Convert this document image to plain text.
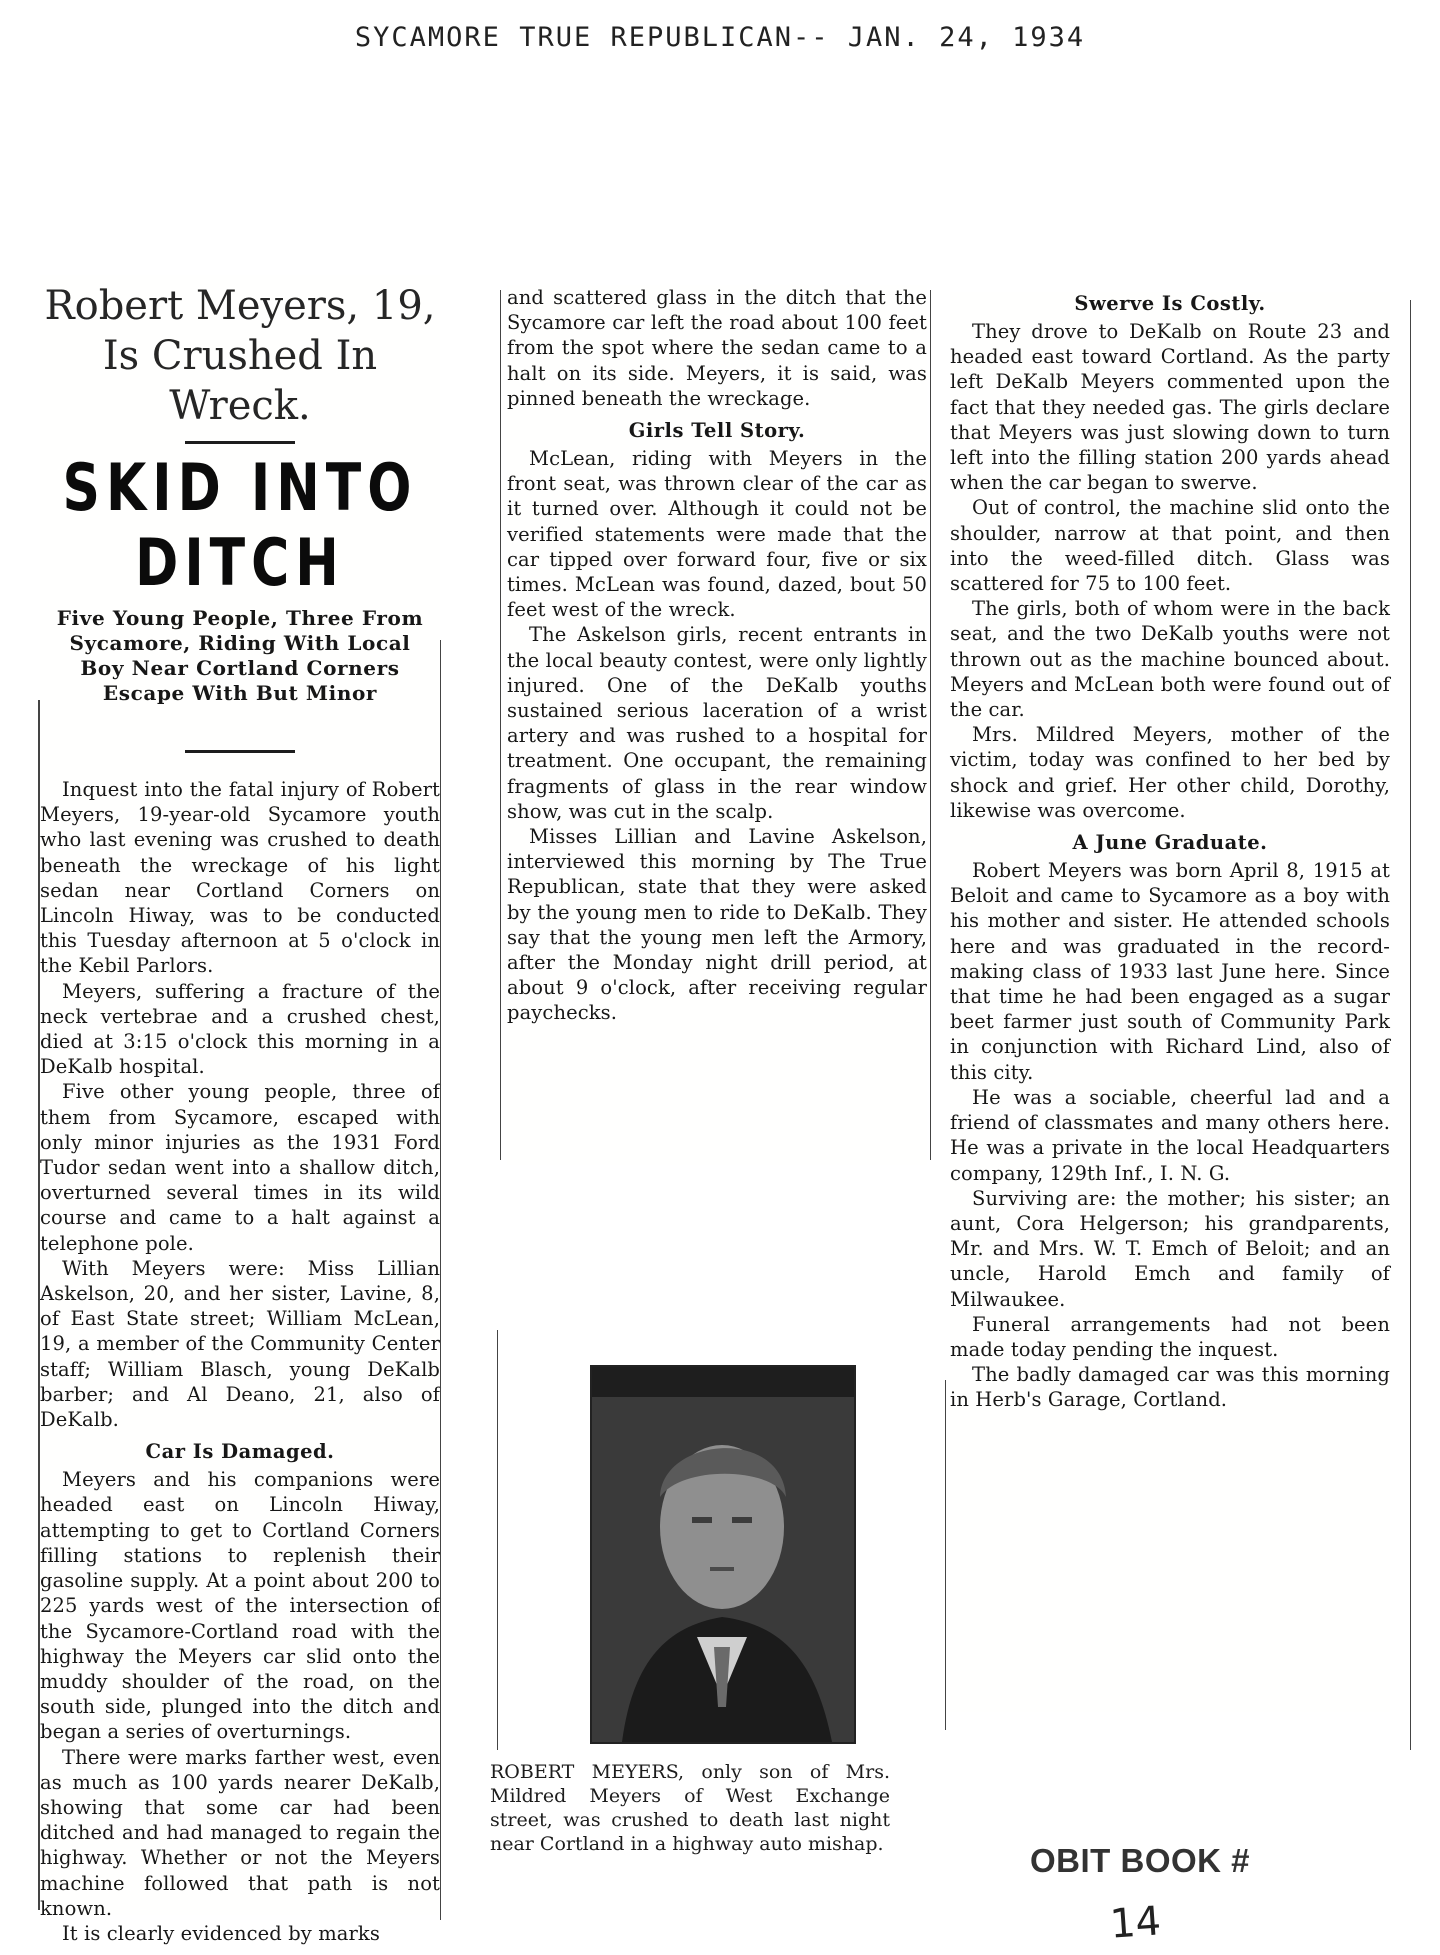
SYCAMORE TRUE REPUBLICAN-- JAN. 24, 1934
Robert Meyers, 19, Is Crushed In Wreck.
SKID INTO DITCH
Five Young People, Three From Sycamore, Riding With Local Boy Near Cortland Corners Escape With But Minor

Inquest into the fatal injury of Robert Meyers, 19-year-old Sycamore youth who last evening was crushed to death beneath the wreckage of his light sedan near Cortland Corners on Lincoln Hiway, was to be conducted this Tuesday afternoon at 5 o'clock in the Kebil Parlors.

Meyers, suffering a fracture of the neck vertebrae and a crushed chest, died at 3:15 o'clock this morning in a DeKalb hospital.

Five other young people, three of them from Sycamore, escaped with only minor injuries as the 1931 Ford Tudor sedan went into a shallow ditch, overturned several times in its wild course and came to a halt against a telephone pole.

With Meyers were: Miss Lillian Askelson, 20, and her sister, Lavine, 8, of East State street; William McLean, 19, a member of the Community Center staff; William Blasch, young DeKalb barber; and Al Deano, 21, also of DeKalb.

Car Is Damaged.

Meyers and his companions were headed east on Lincoln Hiway, attempting to get to Cortland Corners filling stations to replenish their gasoline supply. At a point about 200 to 225 yards west of the intersection of the Sycamore-Cortland road with the highway the Meyers car slid onto the muddy shoulder of the road, on the south side, plunged into the ditch and began a series of overturnings.

There were marks farther west, even as much as 100 yards nearer DeKalb, showing that some car had been ditched and had managed to regain the highway. Whether or not the Meyers machine followed that path is not known.

It is clearly evidenced by marks

and scattered glass in the ditch that the Sycamore car left the road about 100 feet from the spot where the sedan came to a halt on its side. Meyers, it is said, was pinned beneath the wreckage.

Girls Tell Story.

McLean, riding with Meyers in the front seat, was thrown clear of the car as it turned over. Although it could not be verified statements were made that the car tipped over forward four, five or six times. McLean was found, dazed, bout 50 feet west of the wreck.

The Askelson girls, recent entrants in the local beauty contest, were only lightly injured. One of the DeKalb youths sustained serious laceration of a wrist artery and was rushed to a hospital for treatment. One occupant, the remaining fragments of glass in the rear window show, was cut in the scalp.

Misses Lillian and Lavine Askelson, interviewed this morning by The True Republican, state that they were asked by the young men to ride to DeKalb. They say that the young men left the Armory, after the Monday night drill period, at about 9 o'clock, after receiving regular paychecks.

Swerve Is Costly.

They drove to DeKalb on Route 23 and headed east toward Cortland. As the party left DeKalb Meyers commented upon the fact that they needed gas. The girls declare that Meyers was just slowing down to turn left into the filling station 200 yards ahead when the car began to swerve.

Out of control, the machine slid onto the shoulder, narrow at that point, and then into the weed-filled ditch. Glass was scattered for 75 to 100 feet.

The girls, both of whom were in the back seat, and the two DeKalb youths were not thrown out as the machine bounced about. Meyers and McLean both were found out of the car.

Mrs. Mildred Meyers, mother of the victim, today was confined to her bed by shock and grief. Her other child, Dorothy, likewise was overcome.

A June Graduate.

Robert Meyers was born April 8, 1915 at Beloit and came to Sycamore as a boy with his mother and sister. He attended schools here and was graduated in the record-making class of 1933 last June here. Since that time he had been engaged as a sugar beet farmer just south of Community Park in conjunction with Richard Lind, also of this city.

He was a sociable, cheerful lad and a friend of classmates and many others here. He was a private in the local Headquarters company, 129th Inf., I. N. G.

Surviving are: the mother; his sister; an aunt, Cora Helgerson; his grandparents, Mr. and Mrs. W. T. Emch of Beloit; and an uncle, Harold Emch and family of Milwaukee.

Funeral arrangements had not been made today pending the inquest.

The badly damaged car was this morning in Herb's Garage, Cortland.

ROBERT MEYERS, only son of Mrs. Mildred Meyers of West Exchange street, was crushed to death last night near Cortland in a highway auto mishap.	OBIT BOOK #
14
